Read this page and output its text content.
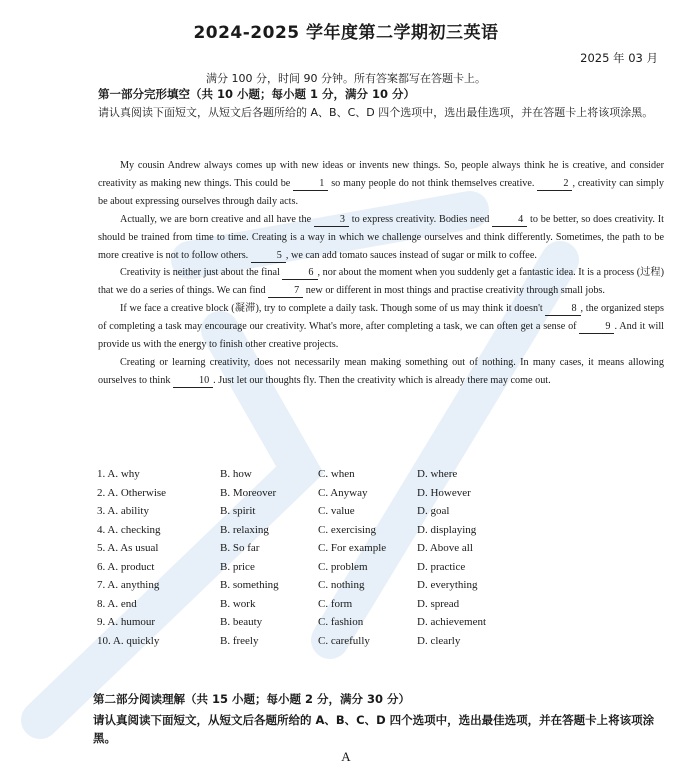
2024-2025 学年度第二学期初三英语
2025 年 03 月
满分 100 分，时间 90 分钟。所有答案都写在答题卡上。
第一部分完形填空（共 10 小题；每小题 1 分，满分 10 分）
请认真阅读下面短文，从短文后各题所给的 A、B、C、D 四个选项中，选出最佳选项，并在答题卡上将该项涂黑。

My cousin Andrew always comes up with new ideas or invents new things. So, people always think he is creative, and consider creativity as making new things. This could be	1 so many people do not think themselves creative.	2 , creativity can simply be about expressing ourselves through daily acts.

Actually, we are born creative and all have the	3 to express creativity. Bodies need	4 to be better, so does creativity. It should be trained from time to time. Creating is a way in which we challenge ourselves and think differently. Sometimes, the path to be more creative is not to follow others.	5 , we can add tomato sauces instead of sugar or milk to coffee.

Creativity is neither just about the final	6 , nor about the moment when you suddenly get a fantastic idea. It is a process (过程) that we do a series of things. We can find	7 new or different in most things and practise creativity through small jobs.

If we face a creative block (凝滞), try to complete a daily task. Though some of us may think it doesn't	8 , the organized steps of completing a task may encourage our creativity. What's more, after completing a task, we can often get a sense of	9 . And it will provide us with the energy to finish other creative projects.

Creating or learning creativity, does not necessarily mean making something out of nothing. In many cases, it means allowing ourselves to think	10 . Just let our thoughts fly. Then the creativity which is already there may come out.

1. A. why	B. how	C. when	D. where
2. A. Otherwise	B. Moreover	C. Anyway	D. However
3. A. ability	B. spirit	C. value	D. goal
4. A. checking	B. relaxing	C. exercising	D. displaying
5. A. As usual	B. So far	C. For example	D. Above all
6. A. product	B. price	C. problem	D. practice
7. A. anything	B. something	C. nothing	D. everything
8. A. end	B. work	C. form	D. spread
9. A. humour	B. beauty	C. fashion	D. achievement
10. A. quickly	B. freely	C. carefully	D. clearly
第二部分阅读理解（共 15 小题；每小题 2 分，满分 30 分）
请认真阅读下面短文，从短文后各题所给的 A、B、C、D 四个选项中，选出最佳选项，并在答题卡上将该项涂黑。
A
